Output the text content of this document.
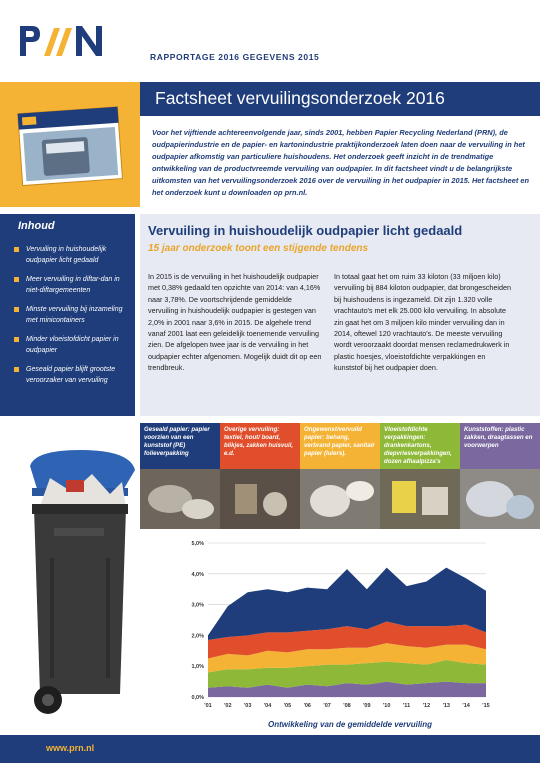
RAPPORTAGE 2016 GEGEVENS 2015
Factsheet vervuilingsonderzoek 2016
Voor het vijftiende achtereenvolgende jaar, sinds 2001, hebben Papier Recycling Nederland (PRN), de oudpapierindustrie en de papier- en kartonindustrie praktijkonderzoek laten doen naar de vervuiling in het oudpapier afkomstig van particuliere huishoudens. Het onderzoek geeft inzicht in de trendmatige ontwikkeling van de productvreemde vervuiling van oudpapier. In dit factsheet vindt u de belangrijkste uitkomsten van het vervuilingsonderzoek 2016 over de vervuiling in het oudpapier in 2015. Het factsheet en het onderzoek kunt u downloaden op prn.nl.
Inhoud
Vervuiling in huishoudelijk oudpapier licht gedaald
Meer vervuiling in diftar-dan in niet-diftargemeenten
Minste vervuiling bij inzameling met minicontainers
Minder vloeistofdicht papier in oudpapier
Geseald papier blijft grootste veroorzaker van vervuiling
Vervuiling in huishoudelijk oudpapier licht gedaald
15 jaar onderzoek toont een stijgende tendens
In 2015 is de vervuiling in het huishoudelijk oudpapier met 0,38% gedaald ten opzichte van 2014: van 4,16% naar 3,78%. De voortschrijdende gemiddelde vervuiling in huishoudelijk oudpapier is gestegen van 2,0% in 2001 naar 3,6% in 2015. De algehele trend vanaf 2001 laat een geleidelijk toenemende vervuiling zien. De afgelopen twee jaar is de vervuiling in het oudpapier echter afgenomen. Mogelijk duidt dit op een trendbreuk.
In totaal gaat het om ruim 33 kiloton (33 miljoen kilo) vervuiling bij 884 kiloton oudpapier, dat brongescheiden bij huishoudens is ingezameld. Dit zijn 1.320 volle vrachtauto's met elk 25.000 kilo vervuiling. In absolute zin gaat het om 3 miljoen kilo minder vervuiling dan in 2014, oftewel 120 vrachtauto's. De meeste vervuiling wordt veroorzaakt doordat mensen reclamedrukwerk in plastic hoesjes, vloeistofdichte verpakkingen en kunststof bij het oudpapier doen.
Geseald papier: papier voorzien van een kunststof (PE) folieverpakking
Overige vervuiling: textiel, hout/ board, blikjes, zakken huisvuil, e.d.
Ongewenst/vervuild papier: behang, verbrand papier, sanitair papier (luiers).
Vloeistofdichte verpakkingen: drankenkartons, diepvriesverpakkingen, dozen afhaalpizza's
Kunststoffen: plastic zakken, draagtassen en voorwerpen
0,0%
1,0%
2,0%
3,0%
4,0%
5,0%
'01 '02 '03 '04 '05 '06 '07 '08 '09 '10 '11 '12 '13 '14 '15
Ontwikkeling van de gemiddelde vervuiling
www.prn.nl
